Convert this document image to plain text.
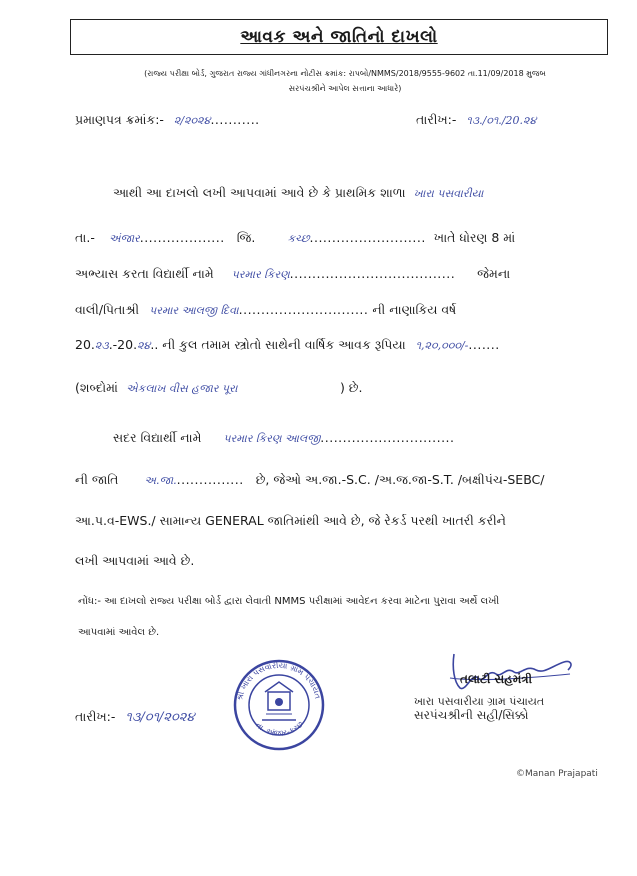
આવક અને જાતિનો દાખલો
(રાજ્ય પરીક્ષા બોર્ડ, ગુજરાત રાજ્ય ગાંધીનગરના નોટીસ ક્રમાંક: રાપબો/NMMS/2018/9555-9602 તા.11/09/2018 મુજબ
સરપંચશ્રીને આપેલ સત્તાના આધારે)
પ્રમાણપત્ર ક્રમાંક:- ૨/૨૦૨૪...........	તારીખ:- ૧૩./૦૧./20.૨૪
આથી આ દાખલો લખી આપવામાં આવે છે કે પ્રાથમિક શાળા ખારા પસવારીયા
તા.- અંજાર................... જિ.	કચ્છ.......................... ખાતે ધોરણ 8 માં
અભ્યાસ કરતા વિદ્યાર્થી નામે પરમાર કિરણ..................................... જેમના
વાલી/પિતાશ્રી પરમાર આલજી દિવા............................. ની નાણાકિય વર્ષ
20.૨૩.-20.૨૪.. ની કુલ તમામ સ્ત્રોતો સાથેની વાર્ષિક આવક રૂપિયા ૧,૨૦,૦૦૦/-.......
(શબ્દોમાં એકલાખ વીસ હજાર પૂરા	) છે.
સદર વિદ્યાર્થી નામે પરમાર કિરણ આલજી..............................
ની જાતિ અ.જા................ છે, જેઓ અ.જા.-S.C. /અ.જ.જા-S.T. /બક્ષીપંચ-SEBC/
આ.પ.વ-EWS./ સામાન્ય GENERAL જાતિમાંથી આવે છે, જે રેકર્ડ પરથી ખાતરી કરીને
લખી આપવામાં આવે છે.
નોંધ:- આ દાખલો રાજ્ય પરીક્ષા બોર્ડ દ્વારા લેવાતી NMMS પરીક્ષામાં આવેદન કરવા માટેના પુરાવા અર્થે લખી
આપવામાં આવેલ છે.
શ્રી ખારા પસવારીયા ગ્રામ પંચાયત
તા. અંજાર-કચ્છ
તલાટી સહમંત્રી
ખારા પસવારીયા ગ્રામ પંચાયત
સરપંચશ્રીની સહી/સિક્કો
તારીખ:- ૧૩/૦૧/૨૦૨૪
©Manan Prajapati
